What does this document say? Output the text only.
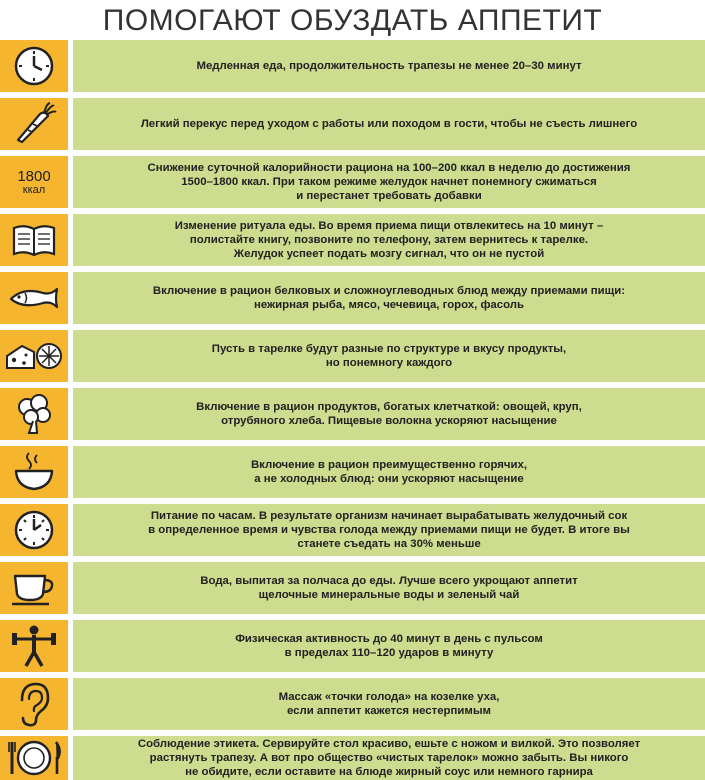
ПОМОГАЮТ ОБУЗДАТЬ АППЕТИТ
Медленная еда, продолжительность трапезы не менее 20–30 минут
Легкий перекус перед уходом с работы или походом в гости, чтобы не съесть лишнего
1800
ккал
Снижение суточной калорийности рациона на 100–200 ккал в неделю до достижения
1500–1800 ккал. При таком режиме желудок начнет понемногу сжиматься
и перестанет требовать добавки
Изменение ритуала еды. Во время приема пищи отвлекитесь на 10 минут –
полистайте книгу, позвоните по телефону, затем вернитесь к тарелке.
Желудок успеет подать мозгу сигнал, что он не пустой
Включение в рацион белковых и сложноуглеводных блюд между приемами пищи:
нежирная рыба, мясо, чечевица, горох, фасоль
Пусть в тарелке будут разные по структуре и вкусу продукты,
но понемногу каждого
Включение в рацион продуктов, богатых клетчаткой: овощей, круп,
отрубяного хлеба. Пищевые волокна ускоряют насыщение
Включение в рацион преимущественно горячих,
а не холодных блюд: они ускоряют насыщение
Питание по часам. В результате организм начинает вырабатывать желудочный сок
в определенное время и чувства голода между приемами пищи не будет. В итоге вы
станете съедать на 30% меньше
Вода, выпитая за полчаса до еды. Лучше всего укрощают аппетит
щелочные минеральные воды и зеленый чай
Физическая активность до 40 минут в день с пульсом
в пределах 110–120 ударов в минуту
Массаж «точки голода» на козелке уха,
если аппетит кажется нестерпимым
Соблюдение этикета. Сервируйте стол красиво, ешьте с ножом и вилкой. Это позволяет
растянуть трапезу. А вот про общество «чистых тарелок» можно забыть. Вы никого
не обидите, если оставите на блюде жирный соус или немного гарнира
